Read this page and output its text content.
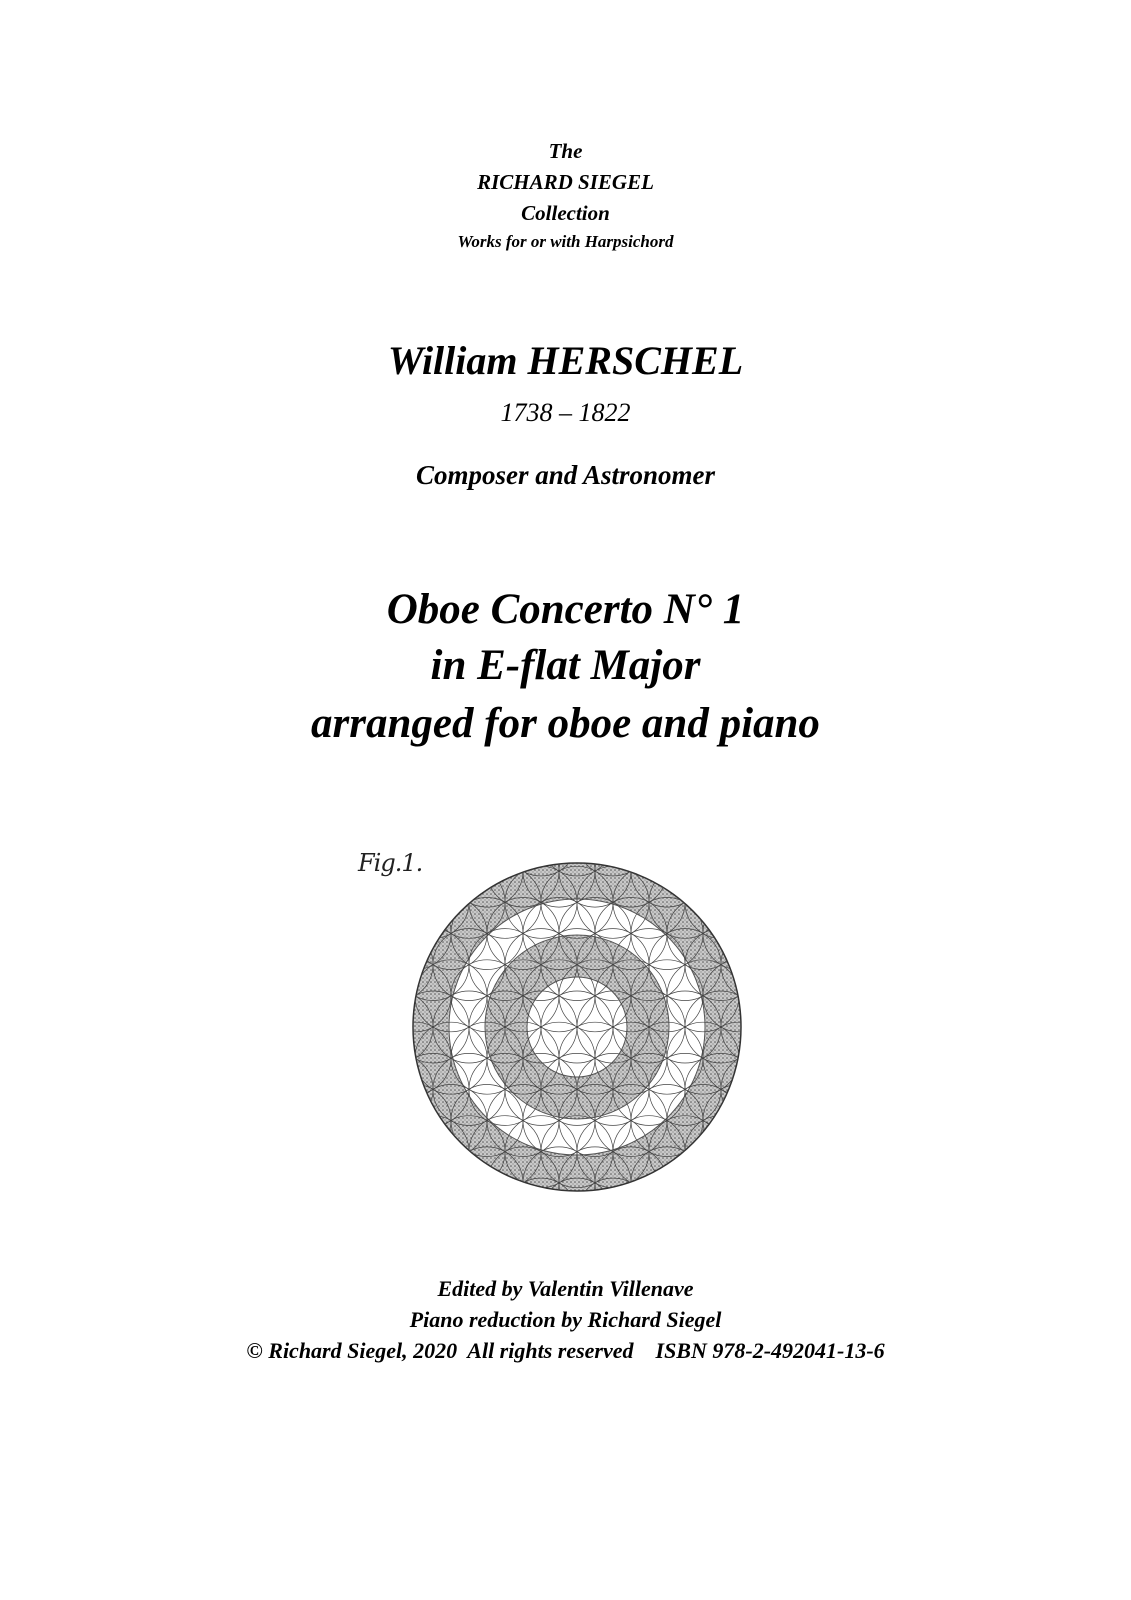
The
RICHARD SIEGEL
Collection
Works for or with Harpsichord
William HERSCHEL
1738 – 1822
Composer and Astronomer
Oboe Concerto N° 1
in E-flat Major
arranged for oboe and piano
Fig.1.
Edited by Valentin Villenave
Piano reduction by Richard Siegel
© Richard Siegel, 2020  All rights reserved    ISBN 978-2-492041-13-6
